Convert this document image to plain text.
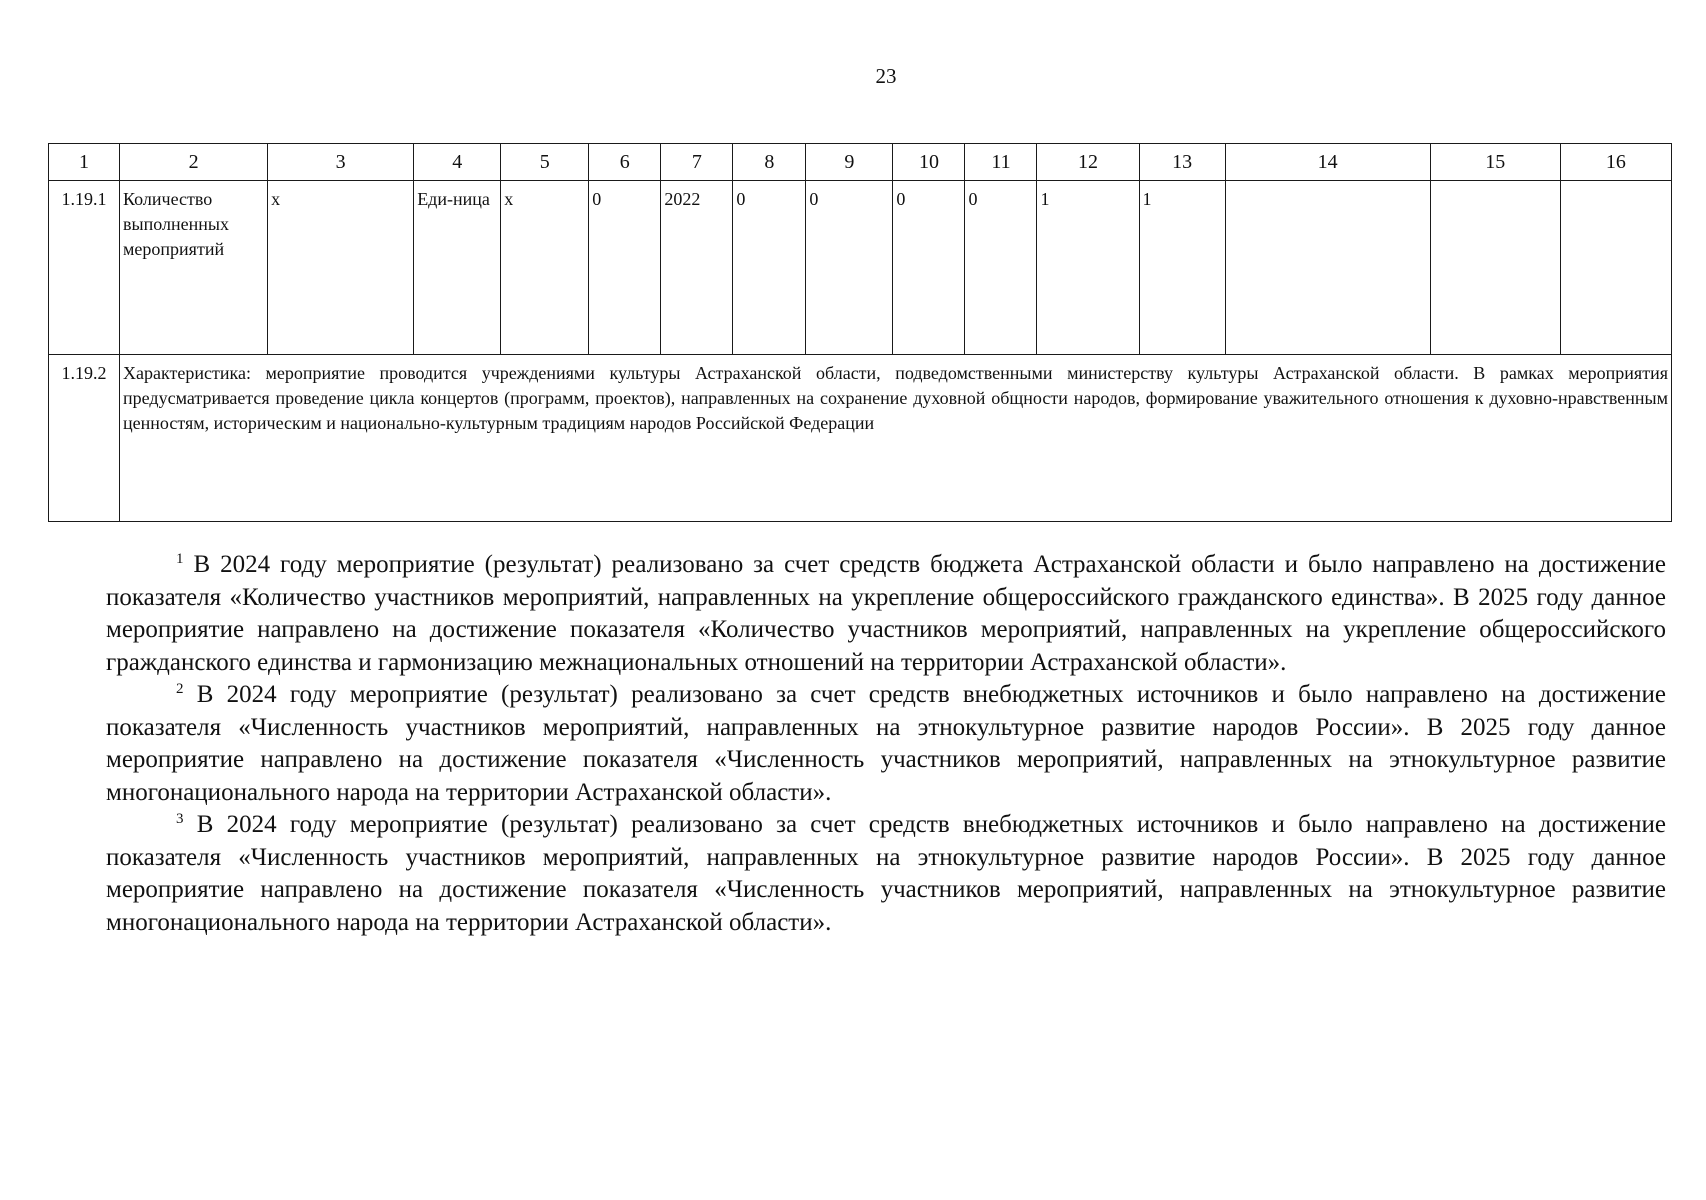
23
1	2	3	4	5	6	7	8	9	10	11	12	13	14	15	16
1.19.1	Количество выполненных мероприятий	х	Еди-ница	х	0	2022	0	0	0	0	1	1			
1.19.2	Характеристика: мероприятие проводится учреждениями культуры Астраханской области, подведомственными министерству культуры Астраханской области. В рамках мероприятия предусматривается проведение цикла концертов (программ, проектов), направленных на сохранение духовной общности народов, формирование уважительного отношения к духовно-нравственным ценностям, историческим и национально-культурным традициям народов Российской Федерации														

$^1$ В 2024 году мероприятие (результат) реализовано за счет средств бюджета Астраханской области и было направлено на достижение показателя «Количество участников мероприятий, направленных на укрепление общероссийского гражданского единства». В 2025 году данное мероприятие направлено на достижение показателя «Количество участников мероприятий, направленных на укрепление общероссийского гражданского единства и гармонизацию межнациональных отношений на территории Астраханской области».

$^2$ В 2024 году мероприятие (результат) реализовано за счет средств внебюджетных источников и было направлено на достижение показателя «Численность участников мероприятий, направленных на этнокультурное развитие народов России». В 2025 году данное мероприятие направлено на достижение показателя «Численность участников мероприятий, направленных на этнокультурное развитие многонационального народа на территории Астраханской области».

$^3$ В 2024 году мероприятие (результат) реализовано за счет средств внебюджетных источников и было направлено на достижение показателя «Численность участников мероприятий, направленных на этнокультурное развитие народов России». В 2025 году данное мероприятие направлено на достижение показателя «Численность участников мероприятий, направленных на этнокультурное развитие многонационального народа на территории Астраханской области».
